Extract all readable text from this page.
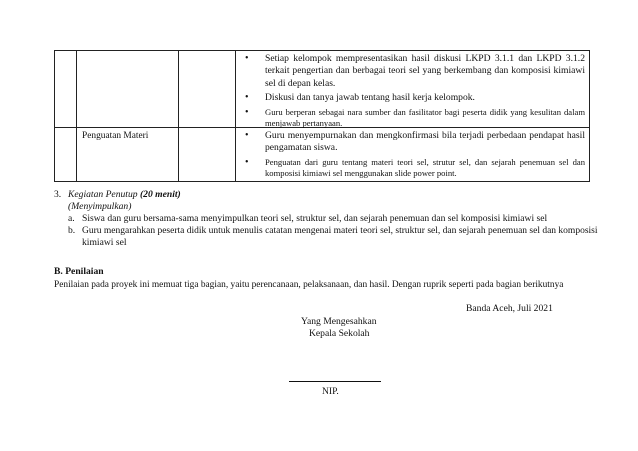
• Setiap kelompok mempresentasikan hasil diskusi LKPD 3.1.1 dan LKPD 3.1.2 terkait pengertian dan berbagai teori sel yang berkembang dan komposisi kimiawi sel di depan kelas.
• Diskusi dan tanya jawab tentang hasil kerja kelompok.
• Guru berperan sebagai nara sumber dan fasilitator bagi peserta didik yang kesulitan dalam menjawab pertanyaan.
Penguatan Materi
•	Guru menyempurnakan dan mengkonfirmasi bila terjadi perbedaan pendapat hasil pengamatan siswa.
• Penguatan dari guru tentang materi teori sel, strutur sel, dan sejarah penemuan sel dan komposisi kimiawi sel menggunakan slide power point.
3. Kegiatan Penutup (20 menit)
(Menyimpulkan)
a. Siswa dan guru bersama-sama menyimpulkan teori sel, struktur sel, dan sejarah penemuan dan sel komposisi kimiawi sel
b. Guru mengarahkan peserta didik untuk menulis catatan mengenai materi teori sel, struktur sel, dan sejarah penemuan sel dan komposisi
kimiawi sel
B. Penilaian
Penilaian pada proyek ini memuat tiga bagian, yaitu perencanaan, pelaksanaan, dan hasil. Dengan ruprik seperti pada bagian berikutnya
Banda Aceh, Juli 2021
Yang Mengesahkan
Kepala Sekolah
NIP.
